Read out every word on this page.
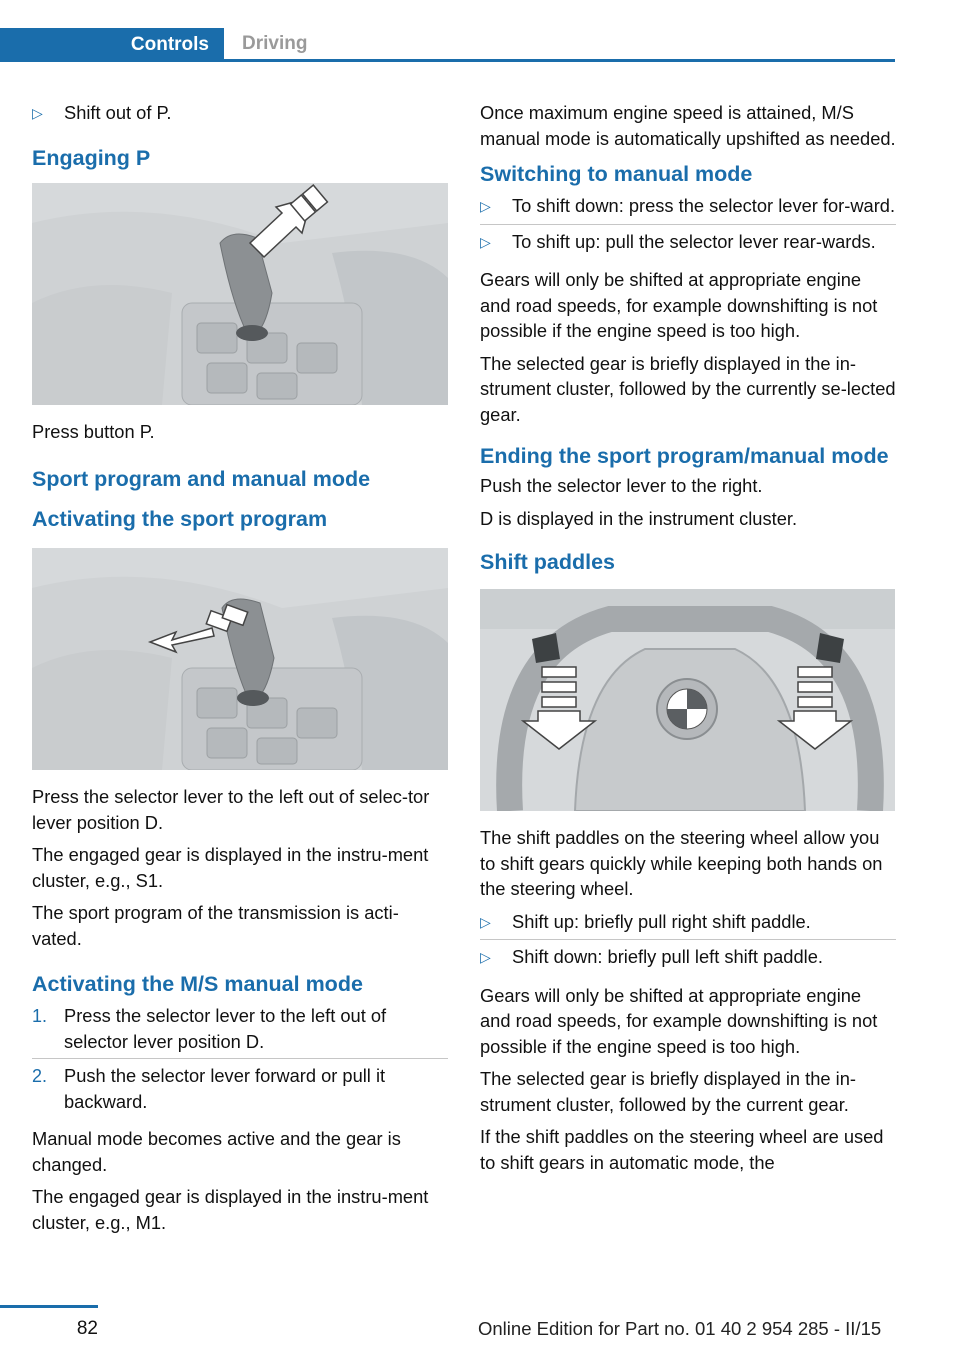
Controls	Driving
▷	Shift out of P.
Engaging P

Press button P.

Sport program and manual mode
Activating the sport program

Press the selector lever to the left out of selec-tor lever position D.

The engaged gear is displayed in the instru-ment cluster, e.g., S1.

The sport program of the transmission is acti-vated.

Activating the M/S manual mode
1. Press the selector lever to the left out of selector lever position D.
2. Push the selector lever forward or pull it backward.

Manual mode becomes active and the gear is changed.

The engaged gear is displayed in the instru-ment cluster, e.g., M1.

Once maximum engine speed is attained, M/S manual mode is automatically upshifted as needed.

Switching to manual mode
▷	To shift down: press the selector lever for-ward.
▷	To shift up: pull the selector lever rear-wards.

Gears will only be shifted at appropriate engine and road speeds, for example downshifting is not possible if the engine speed is too high.

The selected gear is briefly displayed in the in-strument cluster, followed by the currently se-lected gear.

Ending the sport program/manual mode

Push the selector lever to the right.

D is displayed in the instrument cluster.

Shift paddles

The shift paddles on the steering wheel allow you to shift gears quickly while keeping both hands on the steering wheel.

▷	Shift up: briefly pull right shift paddle.
▷	Shift down: briefly pull left shift paddle.

Gears will only be shifted at appropriate engine and road speeds, for example downshifting is not possible if the engine speed is too high.

The selected gear is briefly displayed in the in-strument cluster, followed by the current gear.

If the shift paddles on the steering wheel are used to shift gears in automatic mode, the

82	Online Edition for Part no. 01 40 2 954 285 - II/15
